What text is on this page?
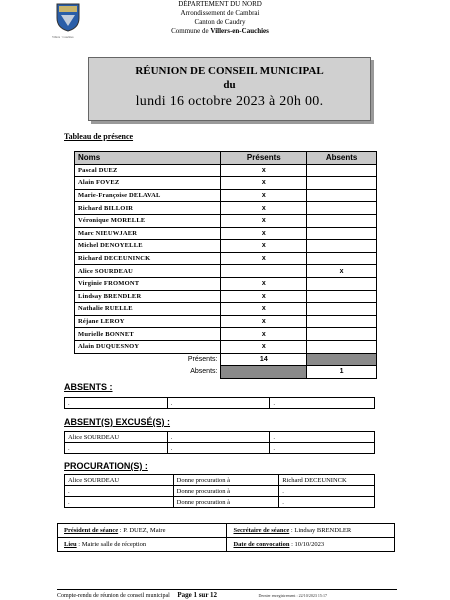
Villers · Cauchies
DÉPARTEMENT DU NORD
Arrondissement de Cambrai
Canton de Caudry
Commune de Villers-en-Cauchies
RÉUNION DE CONSEIL MUNICIPAL
du
lundi 16 octobre 2023 à 20h 00.
Tableau de présence
Noms	Présents	Absents
Pascal DUEZ	x	
Alain FOVEZ	x	
Marie-Françoise DELAVAL	x	
Richard BILLOIR	x	
Véronique MORELLE	x	
Marc NIEUWJAER	x	
Michel DENOYELLE	x	
Richard DECEUNINCK	x	
Alice SOURDEAU		x
Virginie FROMONT	x	
Lindsay BRENDLER	x	
Nathalie RUELLE	x	
Réjane LEROY	x	
Murielle BONNET	x	
Alain DUQUESNOY	x	
Présents:	14	
Absents:		1
ABSENTS :
.	.	.
ABSENT(S) EXCUSÉ(S) :
Alice SOURDEAU	.	.
.	.	.
PROCURATION(S) :
Alice SOURDEAU	Donne procuration à	Richard DECEUNINCK
.	Donne procuration à	.
.	Donne procuration à	.
Président de séance : P. DUEZ, Maire	Secrétaire de séance : Lindsay BRENDLER
Lieu : Mairie salle de réception	Date de convocation : 10/10/2023
Compte-rendu de réunion de conseil municipal Page 1 sur 12	Dernier enregistrement : 22/10/2023 15:17
